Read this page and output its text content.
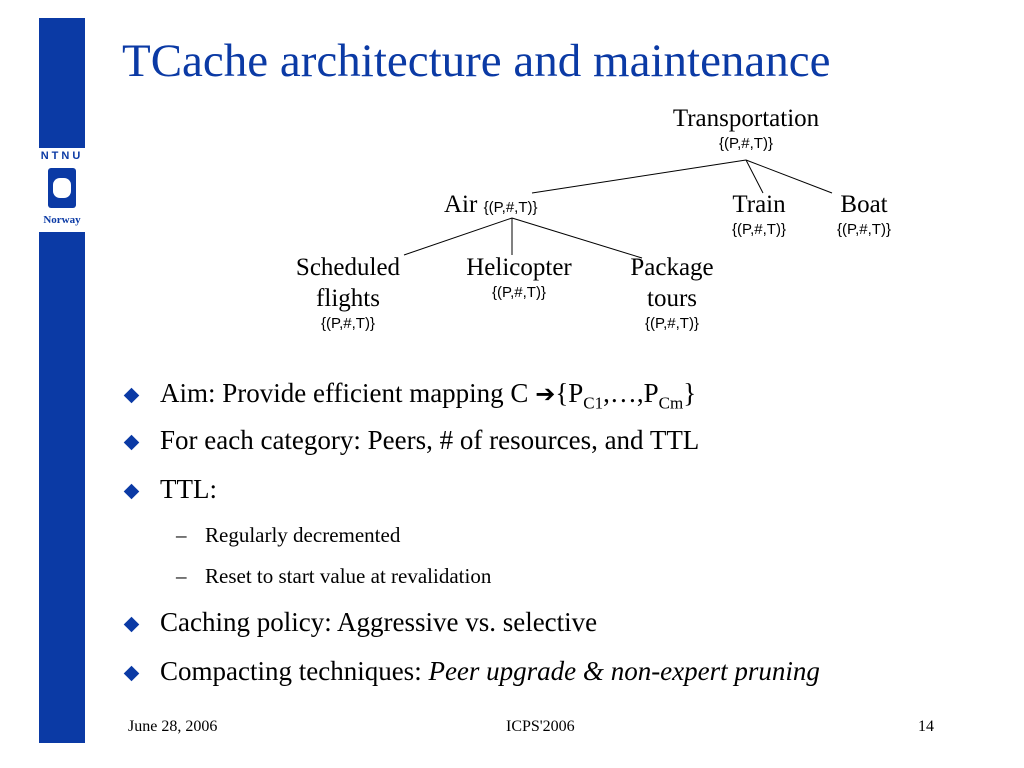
NTNU
Norway
TCache architecture and maintenance
Transportation
{(P,#,T)}
Air {(P,#,T)}	Train
{(P,#,T)}
Boat
{(P,#,T)}
Scheduled
flights
{(P,#,T)}
Helicopter
{(P,#,T)}
Package
tours
{(P,#,T)}
Aim: Provide efficient mapping C $➔\{P_{C1},\dots,P_{Cm}\}$
For each category: Peers, # of resources, and TTL
TTL:
– Regularly decremented
– Reset to start value at revalidation
Caching policy: Aggressive vs. selective
Compacting techniques: Peer upgrade & non-expert pruning
June 28, 2006	ICPS'2006	14
